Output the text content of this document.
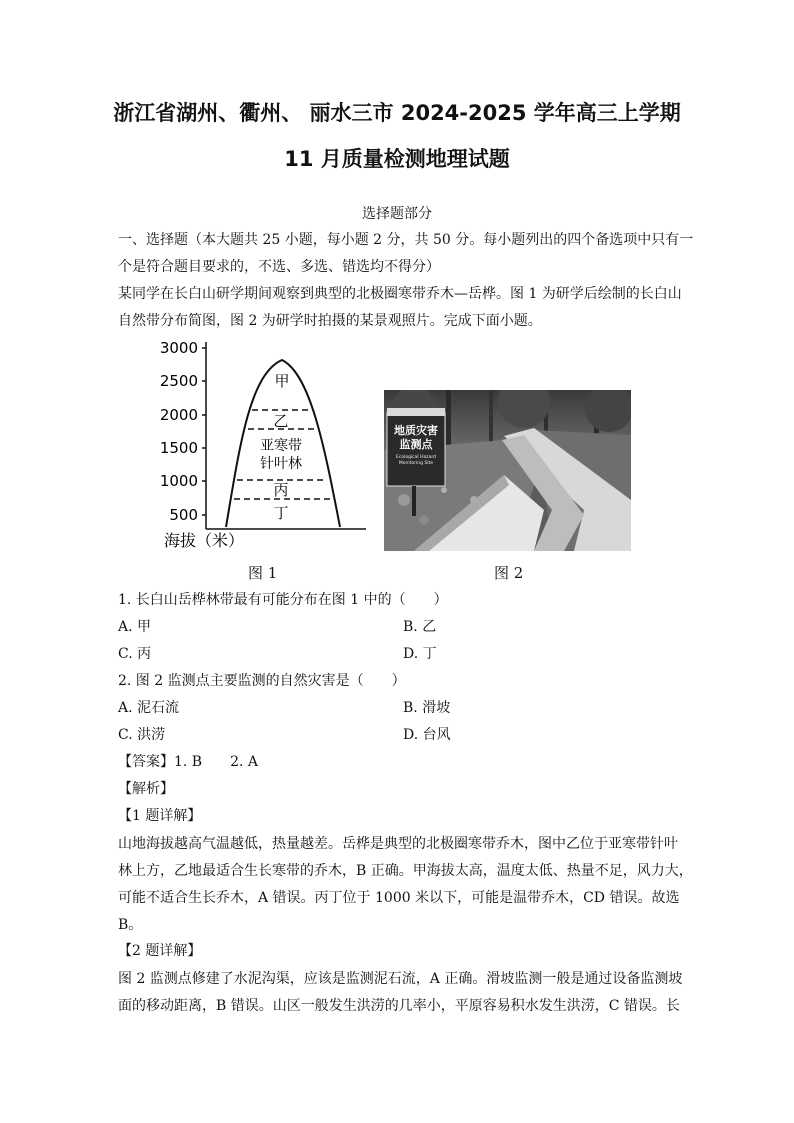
浙江省湖州、衢州、 丽水三市 2024-2025 学年高三上学期
11 月质量检测地理试题
选择题部分
一、选择题（本大题共 25 小题，每小题 2 分，共 50 分。每小题列出的四个备选项中只有一
个是符合题目要求的，不选、多选、错选均不得分）
某同学在长白山研学期间观察到典型的北极圈寒带乔木—岳桦。图 1 为研学后绘制的长白山
自然带分布简图，图 2 为研学时拍摄的某景观照片。完成下面小题。
3000
2500
2000
1500
1000
500
甲
乙
亚寒带
针叶林
丙
丁
海拔（米）
地质灾害
监测点
Ecological Hazard
Monitoring Site
图 1	图 2
1. 长白山岳桦林带最有可能分布在图 1 中的（　　）
A. 甲	B. 乙
C. 丙	D. 丁
2. 图 2 监测点主要监测的自然灾害是（　　）
A. 泥石流	B. 滑坡
C. 洪涝	D. 台风
【答案】1. B　　2. A
【解析】
【1 题详解】
山地海拔越高气温越低，热量越差。岳桦是典型的北极圈寒带乔木，图中乙位于亚寒带针叶
林上方，乙地最适合生长寒带的乔木，B 正确。甲海拔太高，温度太低、热量不足，风力大，
可能不适合生长乔木，A 错误。丙丁位于 1000 米以下，可能是温带乔木，CD 错误。故选
B。
【2 题详解】
图 2 监测点修建了水泥沟渠，应该是监测泥石流，A 正确。滑坡监测一般是通过设备监测坡
面的移动距离，B 错误。山区一般发生洪涝的几率小，平原容易积水发生洪涝，C 错误。长
